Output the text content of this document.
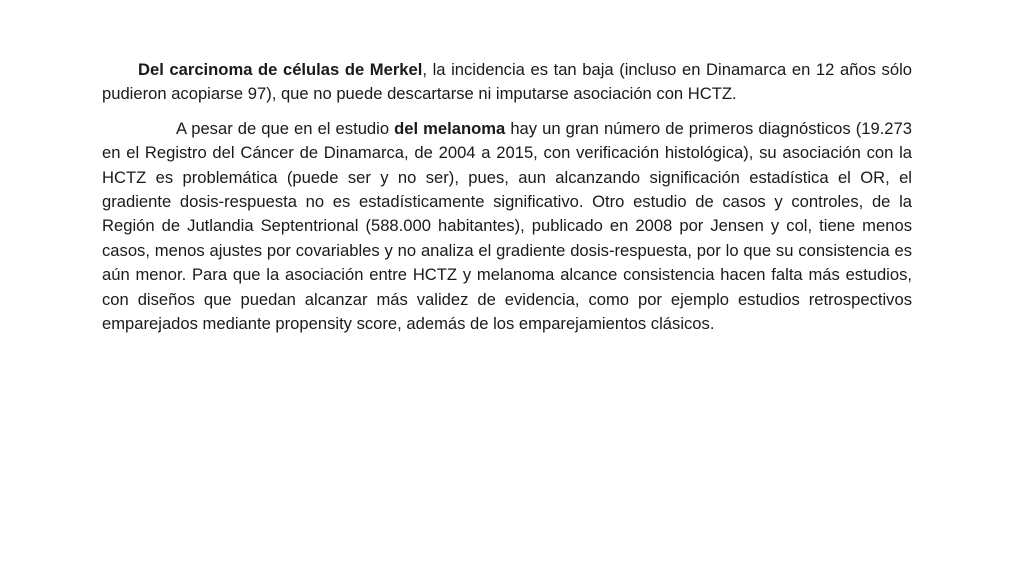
Del carcinoma de células de Merkel, la incidencia es tan baja (incluso en Dinamarca en 12 años sólo pudieron acopiarse 97), que no puede descartarse ni imputarse asociación con HCTZ.

A pesar de que en el estudio del melanoma hay un gran número de primeros diagnósticos (19.273 en el Registro del Cáncer de Dinamarca, de 2004 a 2015, con verificación histológica), su asociación con la HCTZ es problemática (puede ser y no ser), pues, aun alcanzando significación estadística el OR, el gradiente dosis-respuesta no es estadísticamente significativo. Otro estudio de casos y controles, de la Región de Jutlandia Septentrional (588.000 habitantes), publicado en 2008 por Jensen y col, tiene menos casos, menos ajustes por covariables y no analiza el gradiente dosis-respuesta, por lo que su consistencia es aún menor. Para que la asociación entre HCTZ y melanoma alcance consistencia hacen falta más estudios, con diseños que puedan alcanzar más validez de evidencia, como por ejemplo estudios retrospectivos emparejados mediante propensity score, además de los emparejamientos clásicos.
